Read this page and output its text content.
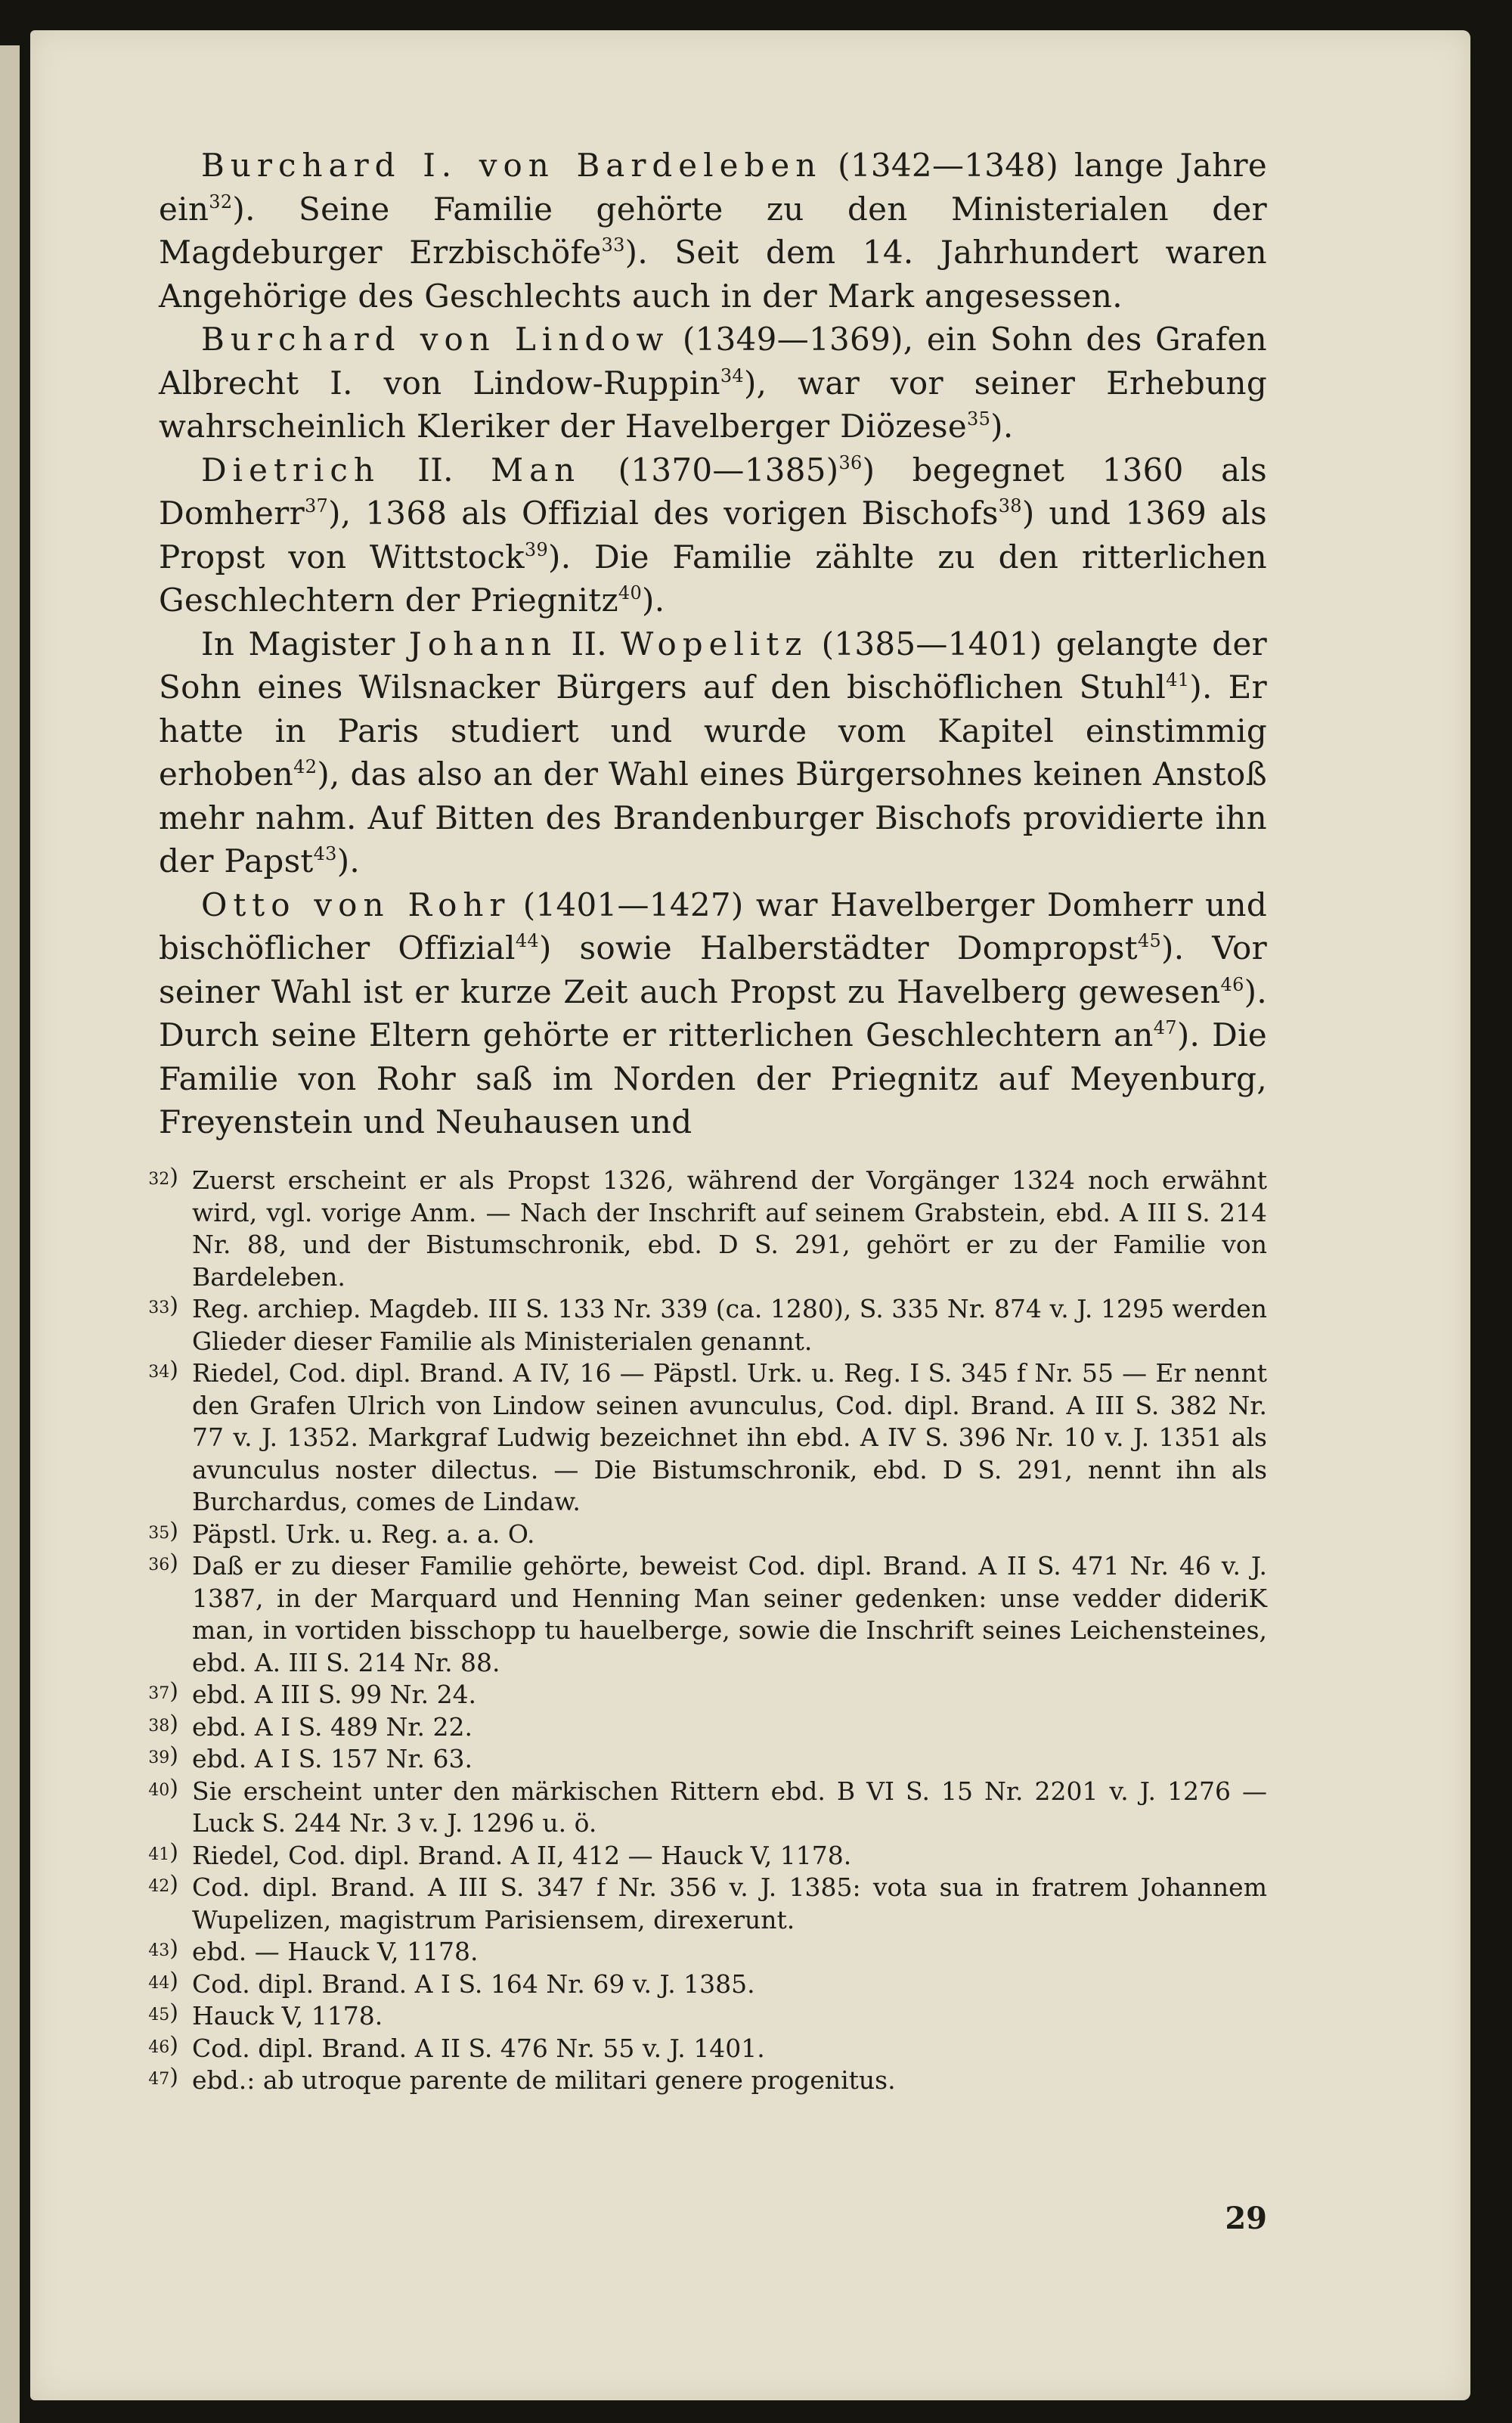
Burchard I. von Bardeleben (1342—1348) lange Jahre ein$^{32}$). Seine Familie gehörte zu den Ministerialen der Magdeburger Erzbischöfe$^{33}$). Seit dem 14. Jahrhundert waren Angehörige des Geschlechts auch in der Mark angesessen.

Burchard von Lindow (1349—1369), ein Sohn des Grafen Albrecht I. von Lindow-Ruppin$^{34}$), war vor seiner Erhebung wahrscheinlich Kleriker der Havelberger Diözese$^{35}$).

Dietrich II. Man (1370—1385)$^{36}$) begegnet 1360 als Domherr$^{37}$), 1368 als Offizial des vorigen Bischofs$^{38}$) und 1369 als Propst von Wittstock$^{39}$). Die Familie zählte zu den ritterlichen Geschlechtern der Priegnitz$^{40}$).

In Magister Johann II. Wopelitz (1385—1401) gelangte der Sohn eines Wilsnacker Bürgers auf den bischöflichen Stuhl$^{41}$). Er hatte in Paris studiert und wurde vom Kapitel einstimmig erhoben$^{42}$), das also an der Wahl eines Bürgersohnes keinen Anstoß mehr nahm. Auf Bitten des Brandenburger Bischofs providierte ihn der Papst$^{43}$).

Otto von Rohr (1401—1427) war Havelberger Domherr und bischöflicher Offizial$^{44}$) sowie Halberstädter Dompropst$^{45}$). Vor seiner Wahl ist er kurze Zeit auch Propst zu Havelberg gewesen$^{46}$). Durch seine Eltern gehörte er ritterlichen Geschlechtern $an^{47}$). Die Familie von Rohr saß im Norden der Priegnitz auf Meyenburg, Freyenstein und Neuhausen und

32 ) Zuerst erscheint er als Propst 1326, während der Vorgänger 1324 noch erwähnt wird, vgl. vorige Anm. — Nach der Inschrift auf seinem Grabstein, ebd. A III S. 214 Nr. 88, und der Bistumschronik, ebd. D S. 291, gehört er zu der Familie von Bardeleben.
33 ) Reg. archiep. Magdeb. III S. 133 Nr. 339 (ca. 1280), S. 335 Nr. 874 v. J. 1295 werden Glieder dieser Familie als Ministerialen genannt.
34 ) Riedel, Cod. dipl. Brand. A IV, 16 — Päpstl. Urk. u. Reg. I S. 345 f Nr. 55 — Er nennt den Grafen Ulrich von Lindow seinen avunculus, Cod. dipl. Brand. A III S. 382 Nr. 77 v. J. 1352. Markgraf Ludwig bezeichnet ihn ebd. A IV S. 396 Nr. 10 v. J. 1351 als avunculus noster dilectus. — Die Bistumschronik, ebd. D S. 291, nennt ihn als Burchardus, comes de Lindaw.
35 ) Päpstl. Urk. u. Reg. a. a. O.
36 ) Daß er zu dieser Familie gehörte, beweist Cod. dipl. Brand. A II S. 471 Nr. 46 v. J. 1387, in der Marquard und Henning Man seiner gedenken: unse vedder dideriK man, in vortiden bisschopp tu hauelberge, sowie die Inschrift seines Leichensteines, ebd. A. III S. 214 Nr. 88.
37 ) ebd. A III S. 99 Nr. 24.
38 ) ebd. A I S. 489 Nr. 22.
39 ) ebd. A I S. 157 Nr. 63.
40 ) Sie erscheint unter den märkischen Rittern ebd. B VI S. 15 Nr. 2201 v. J. 1276 — Luck S. 244 Nr. 3 v. J. 1296 u. ö.
41 ) Riedel, Cod. dipl. Brand. A II, 412 — Hauck V, 1178.
42 ) Cod. dipl. Brand. A III S. 347 f Nr. 356 v. J. 1385: vota sua in fratrem Johannem Wupelizen, magistrum Parisiensem, direxerunt.
43 ) ebd. — Hauck V, 1178.
44 ) Cod. dipl. Brand. A I S. 164 Nr. 69 v. J. 1385.
45 ) Hauck V, 1178.
46 ) Cod. dipl. Brand. A II S. 476 Nr. 55 v. J. 1401.
47 ) ebd.: ab utroque parente de militari genere progenitus.
29
